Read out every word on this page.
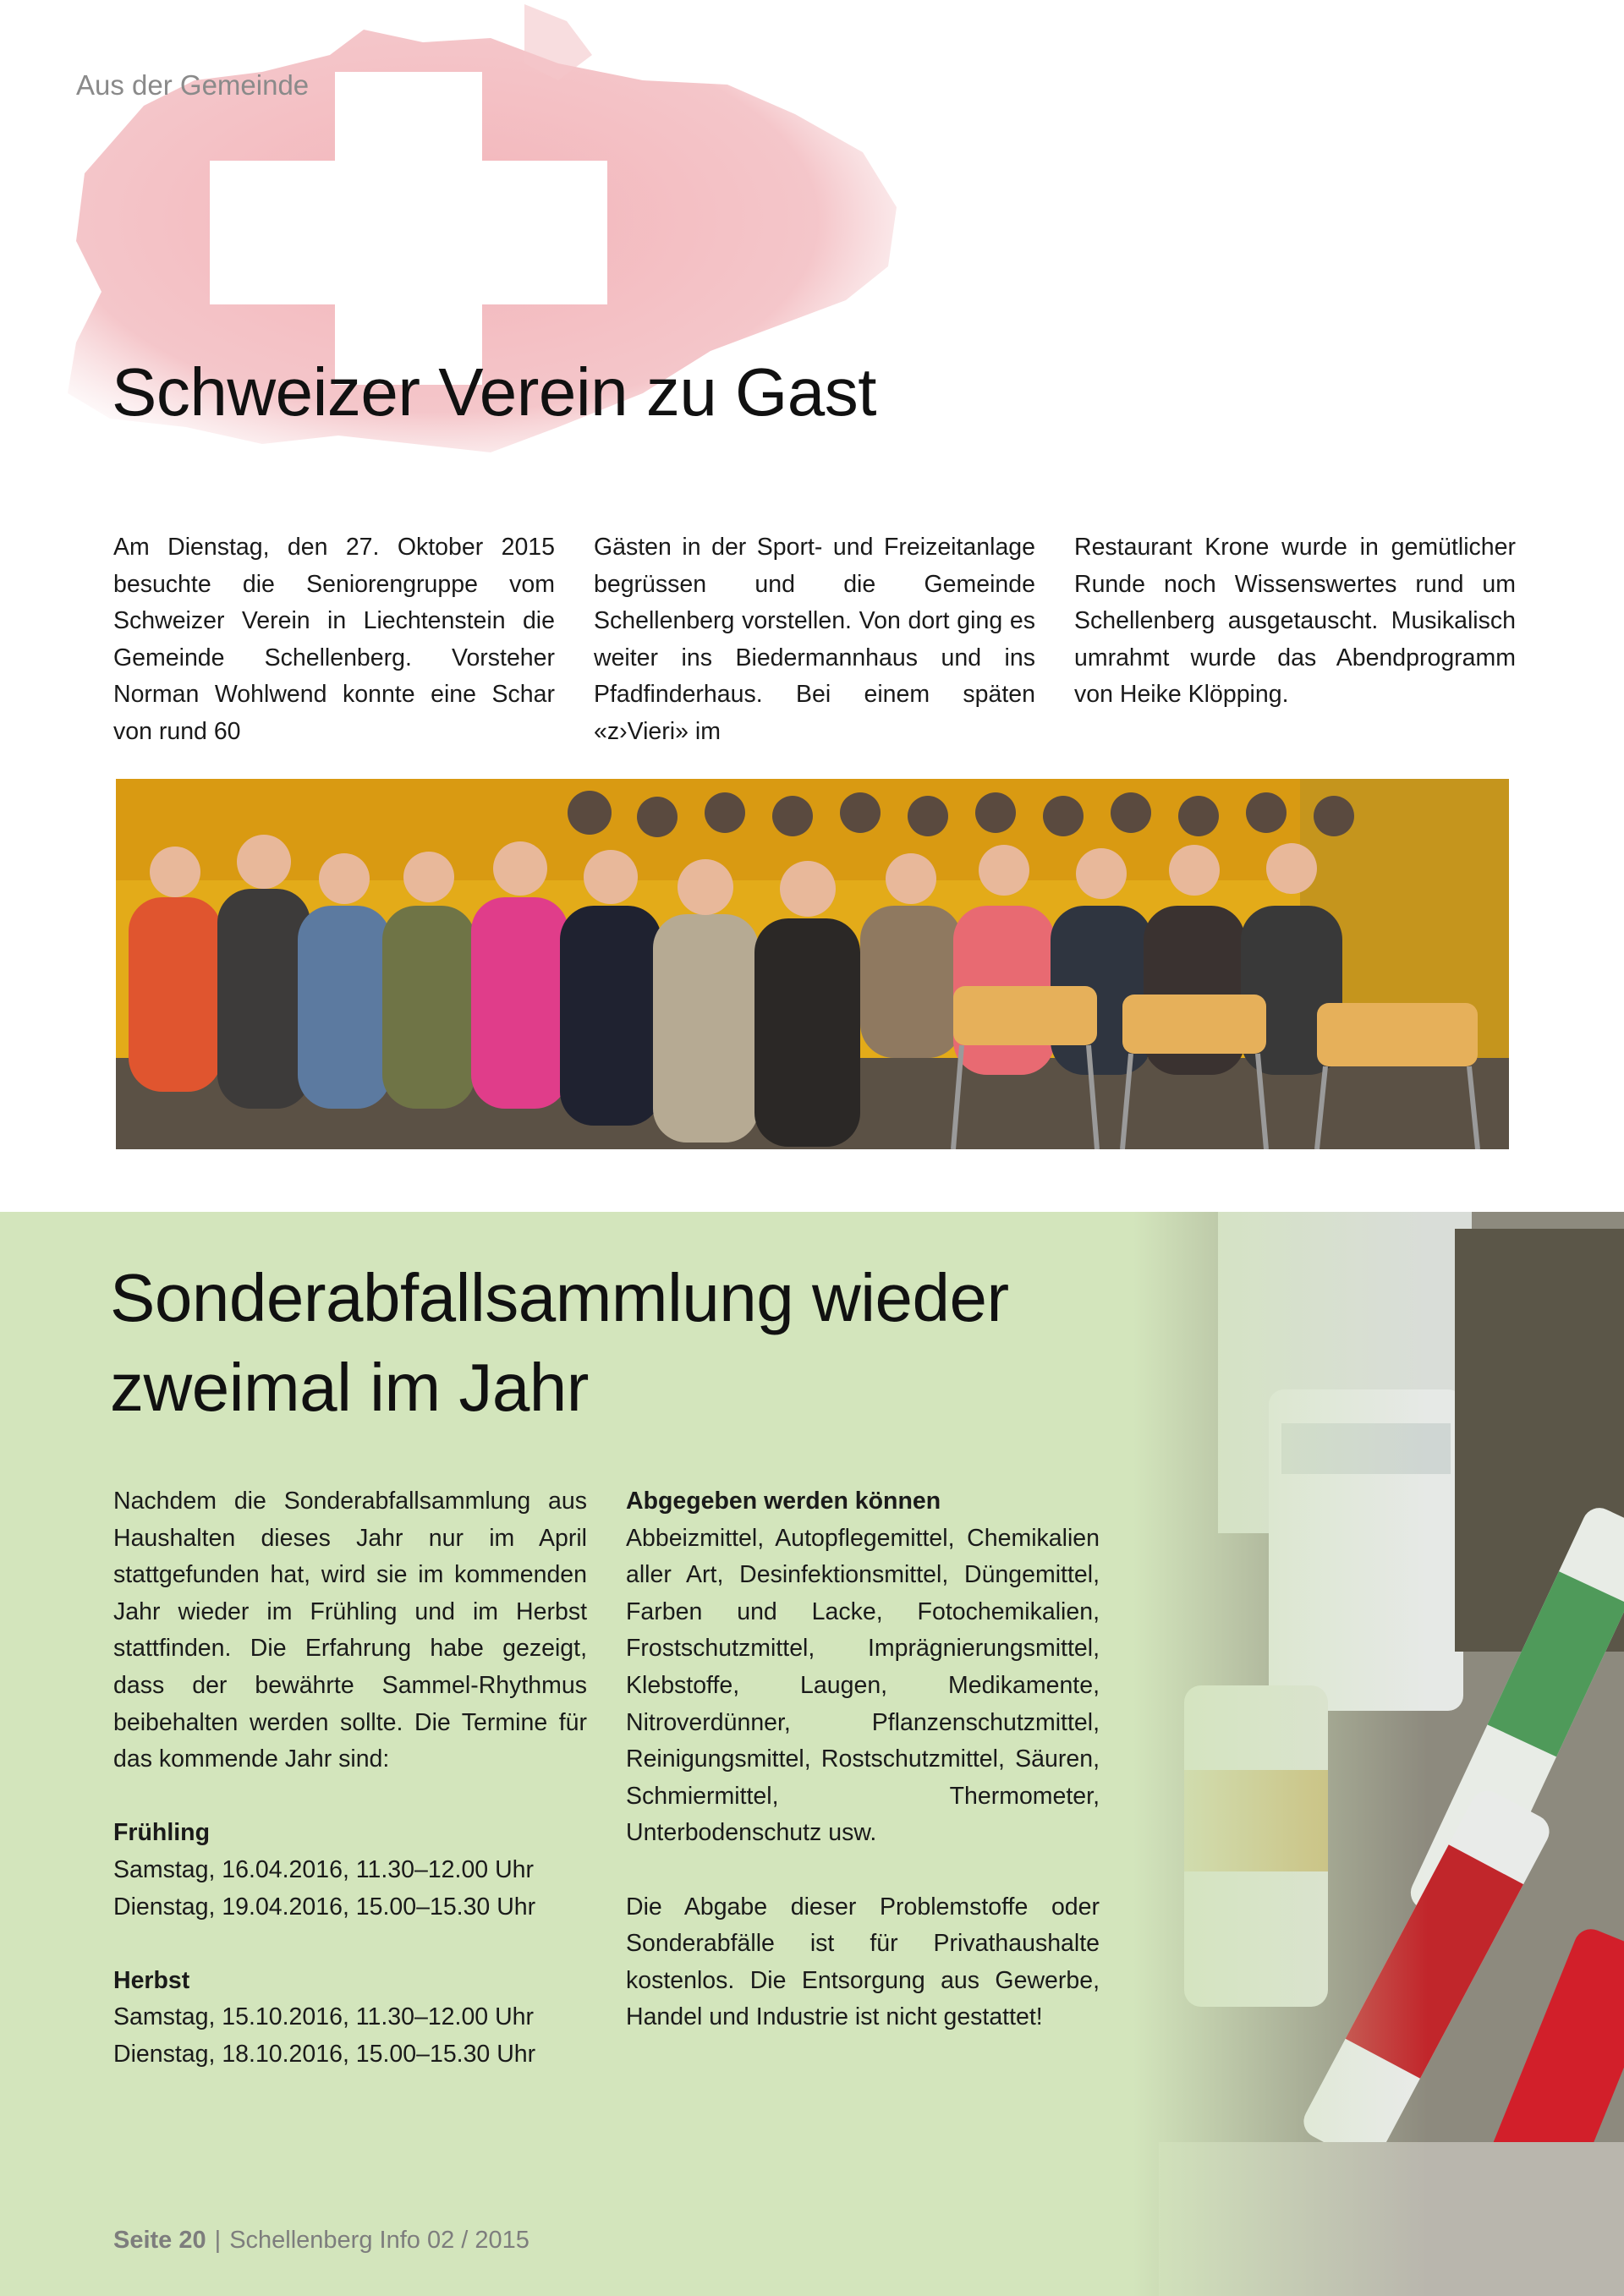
Aus der Gemeinde
Schweizer Verein zu Gast

Am Dienstag, den 27. Oktober 2015 besuchte die Seniorengruppe vom Schweizer Verein in Liechtenstein die Gemeinde Schellenberg. Vorsteher Norman Wohlwend konnte eine Schar von rund 60

Gästen in der Sport- und Freizeitanlage begrüssen und die Gemeinde Schellenberg vorstellen. Von dort ging es weiter ins Biedermannhaus und ins Pfadfinderhaus. Bei einem späten «z›Vieri» im

Restaurant Krone wurde in gemütlicher Runde noch Wissenswertes rund um Schellenberg ausgetauscht. Musikalisch umrahmt wurde das Abendprogramm von Heike Klöpping.

Sonderabfallsammlung wieder
zweimal im Jahr

Nachdem die Sonderabfallsammlung aus Haushalten dieses Jahr nur im April stattgefunden hat, wird sie im kommenden Jahr wieder im Frühling und im Herbst stattfinden. Die Erfahrung habe gezeigt, dass der bewährte Sammel-Rhythmus beibehalten werden sollte. Die Termine für das kommende Jahr sind:

Frühling

Samstag, 16.04.2016, 11.30–12.00 Uhr

Dienstag, 19.04.2016, 15.00–15.30 Uhr

Herbst

Samstag, 15.10.2016, 11.30–12.00 Uhr

Dienstag, 18.10.2016, 15.00–15.30 Uhr

Abgegeben werden können

Abbeizmittel, Autopflegemittel, Chemikalien aller Art, Desinfektionsmittel, Düngemittel, Farben und Lacke, Fotochemikalien, Frostschutzmittel, Imprägnierungsmittel, Klebstoffe, Laugen, Medikamente, Nitroverdünner, Pflanzenschutzmittel, Reinigungsmittel, Rostschutzmittel, Säuren, Schmiermittel, Thermometer, Unterbodenschutz usw.

Die Abgabe dieser Problemstoffe oder Sonderabfälle ist für Privathaushalte kostenlos. Die Entsorgung aus Gewerbe, Handel und Industrie ist nicht gestattet!

Seite 20 | Schellenberg Info 02 / 2015
